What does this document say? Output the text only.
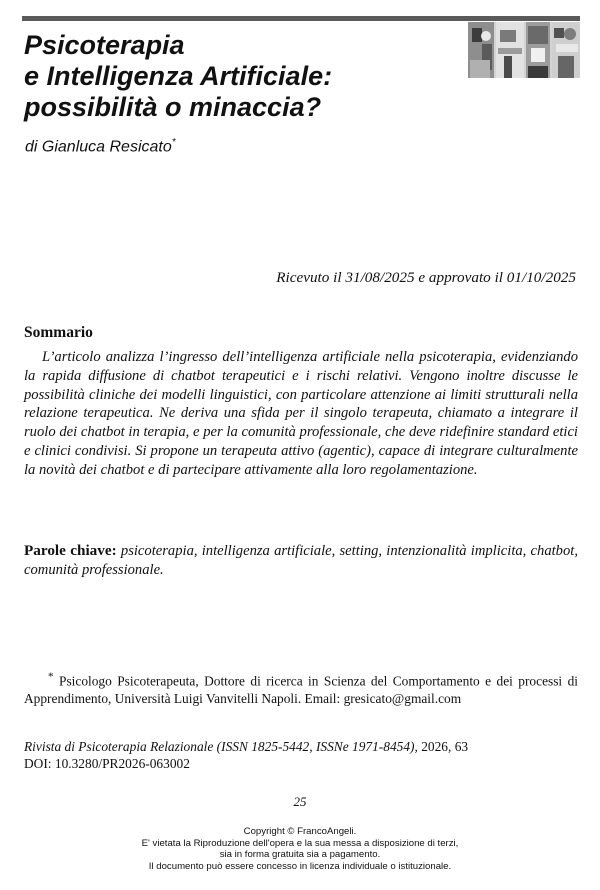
Psicoterapia
e Intelligenza Artificiale:
possibilità o minaccia?
di Gianluca Resicato*
Ricevuto il 31/08/2025 e approvato il 01/10/2025
Sommario

L’articolo analizza l’ingresso dell’intelligenza artificiale nella psicoterapia, evidenziando la rapida diffusione di chatbot terapeutici e i rischi relativi. Vengono inoltre discusse le possibilità cliniche dei modelli linguistici, con particolare attenzione ai limiti strutturali nella relazione terapeutica. Ne deriva una sfida per il singolo terapeuta, chiamato a integrare il ruolo dei chatbot in terapia, e per la comunità professionale, che deve ridefinire standard etici e clinici condivisi. Si propone un terapeuta attivo (agentic), capace di integrare culturalmente la novità dei chatbot e di partecipare attivamente alla loro regolamentazione.

Parole chiave: psicoterapia, intelligenza artificiale, setting, intenzionalità implicita, chatbot, comunità professionale.

* Psicologo Psicoterapeuta, Dottore di ricerca in Scienza del Comportamento e dei processi di Apprendimento, Università Luigi Vanvitelli Napoli. Email: gresicato@gmail.com

Rivista di Psicoterapia Relazionale (ISSN 1825-5442, ISSNe 1971-8454), 2026, 63
DOI: 10.3280/PR2026-063002

25
Copyright © FrancoAngeli.
E' vietata la Riproduzione dell'opera e la sua messa a disposizione di terzi,
sia in forma gratuita sia a pagamento.
Il documento può essere concesso in licenza individuale o istituzionale.
